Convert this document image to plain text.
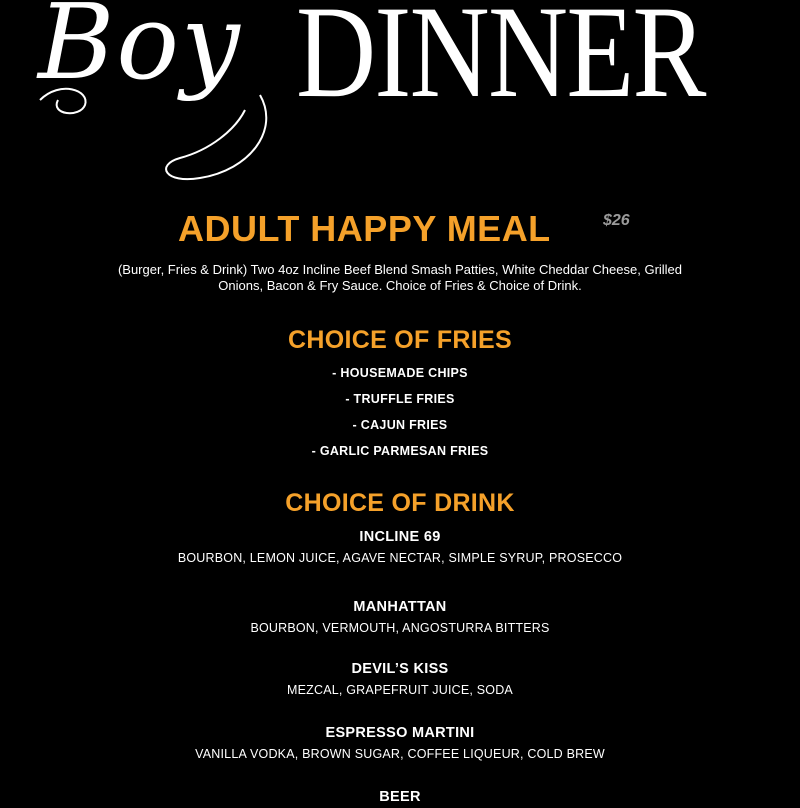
Boy DINNER
ADULT HAPPY MEAL	$26
(Burger, Fries & Drink) Two 4oz Incline Beef Blend Smash Patties, White Cheddar Cheese, Grilled Onions, Bacon & Fry Sauce. Choice of Fries & Choice of Drink.
CHOICE OF FRIES
- HOUSEMADE CHIPS
- TRUFFLE FRIES
- CAJUN FRIES
- GARLIC PARMESAN FRIES
CHOICE OF DRINK
INCLINE 69
BOURBON, LEMON JUICE, AGAVE NECTAR, SIMPLE SYRUP, PROSECCO
MANHATTAN
BOURBON, VERMOUTH, ANGOSTURRA BITTERS
DEVIL’S KISS
MEZCAL, GRAPEFRUIT JUICE, SODA
ESPRESSO MARTINI
VANILLA VODKA, BROWN SUGAR, COFFEE LIQUEUR, COLD BREW
BEER
